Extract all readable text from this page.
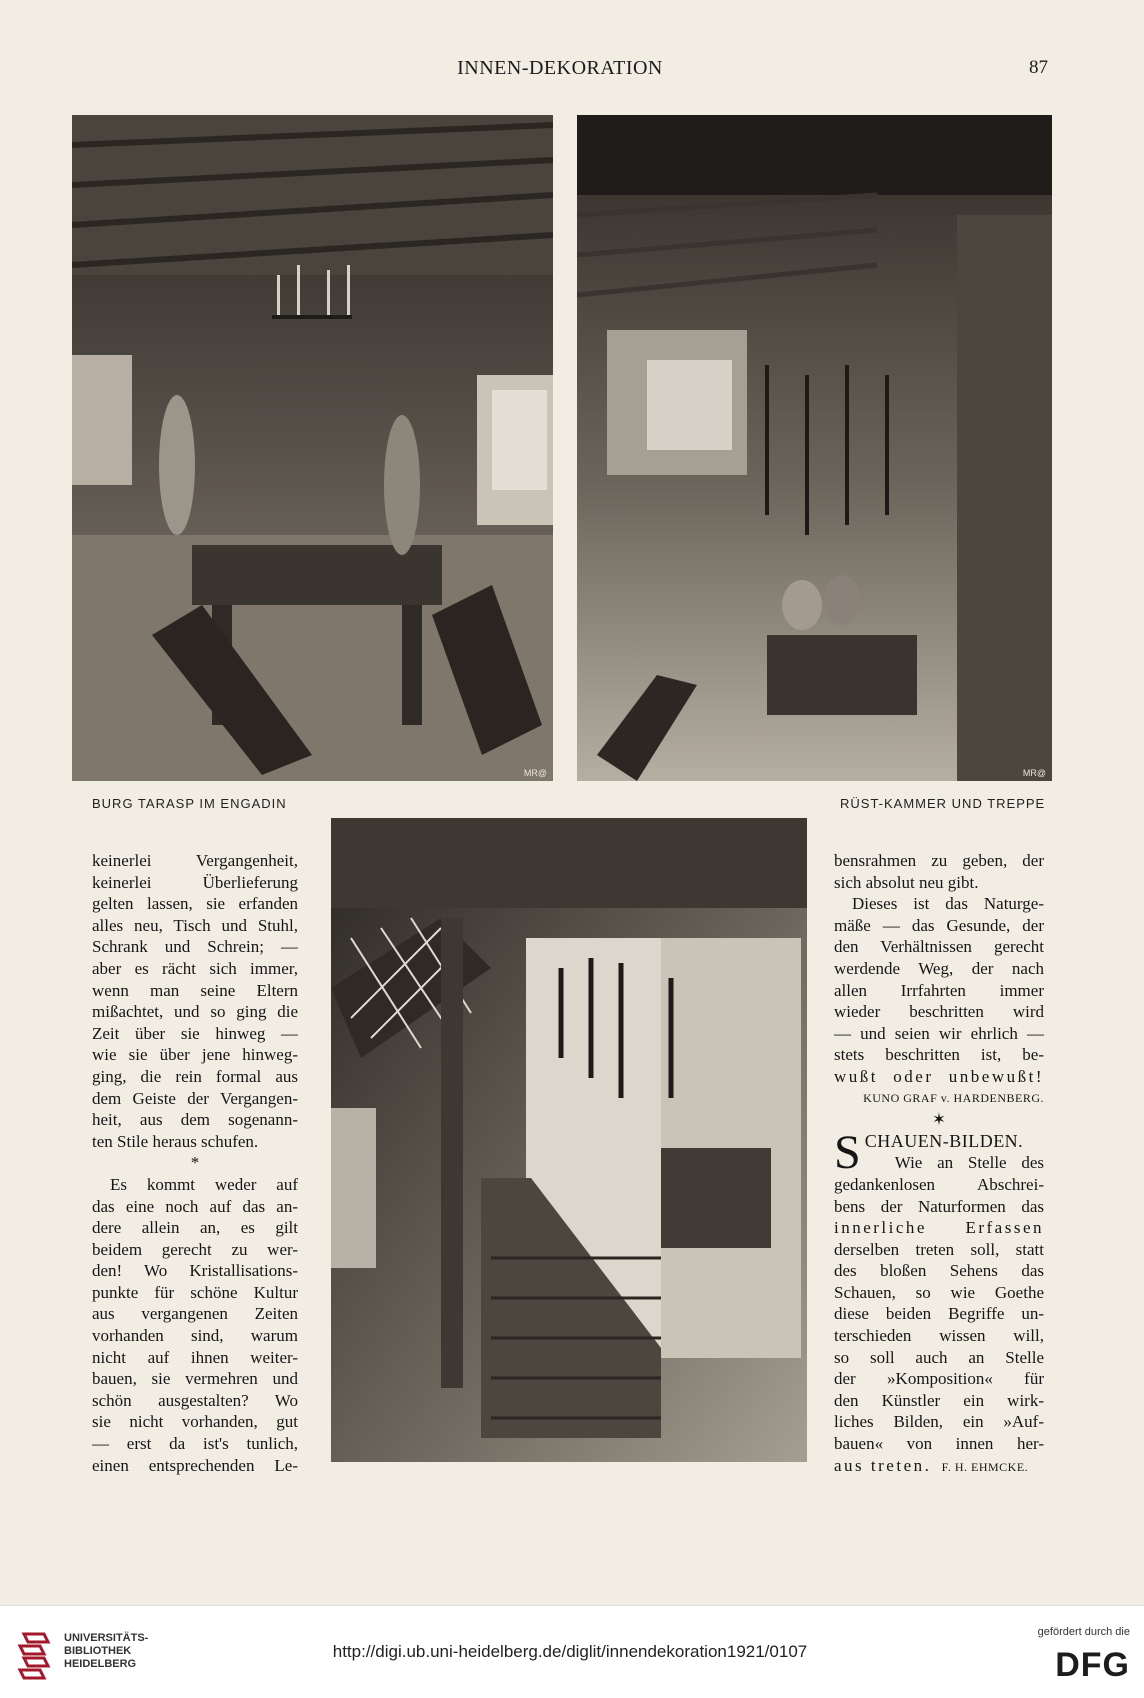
INNEN-DEKORATION	87
MR@	MR@
BURG TARASP IM ENGADIN	RÜST-KAMMER UND TREPPE
keinerlei Vergangenheit,
keinerlei Überlieferung
gelten lassen, sie erfanden
alles neu, Tisch und Stuhl,
Schrank und Schrein; —
aber es rächt sich immer,
wenn man seine Eltern
mißachtet, und so ging die
Zeit über sie hinweg —
wie sie über jene hinweg-
ging, die rein formal aus
dem Geiste der Vergangen-
heit, aus dem sogenann-
ten Stile heraus schufen.
*
Es kommt weder auf
das eine noch auf das an-
dere allein an, es gilt
beidem gerecht zu wer-
den! Wo Kristallisations-
punkte für schöne Kultur
aus vergangenen Zeiten
vorhanden sind, warum
nicht auf ihnen weiter-
bauen, sie vermehren und
schön ausgestalten? Wo
sie nicht vorhanden, gut
— erst da ist's tunlich,
einen entsprechenden Le-
bensrahmen zu geben, der
sich absolut neu gibt.
Dieses ist das Naturge-
mäße — das Gesunde, der
den Verhältnissen gerecht
werdende Weg, der nach
allen Irrfahrten immer
wieder beschritten wird
— und seien wir ehrlich —
stets beschritten ist, be-
wußt oder unbewußt!
KUNO GRAF v. HARDENBERG.
✶
S CHAUEN-BILDEN.
Wie an Stelle des
gedankenlosen Abschrei-
bens der Naturformen das
innerliche Erfassen
derselben treten soll, statt
des bloßen Sehens das
Schauen, so wie Goethe
diese beiden Begriffe un-
terschieden wissen will,
so soll auch an Stelle
der »Komposition« für
den Künstler ein wirk-
liches Bilden, ein »Auf-
bauen« von innen her-
aus treten. F. H. EHMCKE.
UNIVERSITÄTS-
BIBLIOTHEK
HEIDELBERG
http://digi.ub.uni-heidelberg.de/diglit/innendekoration1921/0107
gefördert durch die
DFG
